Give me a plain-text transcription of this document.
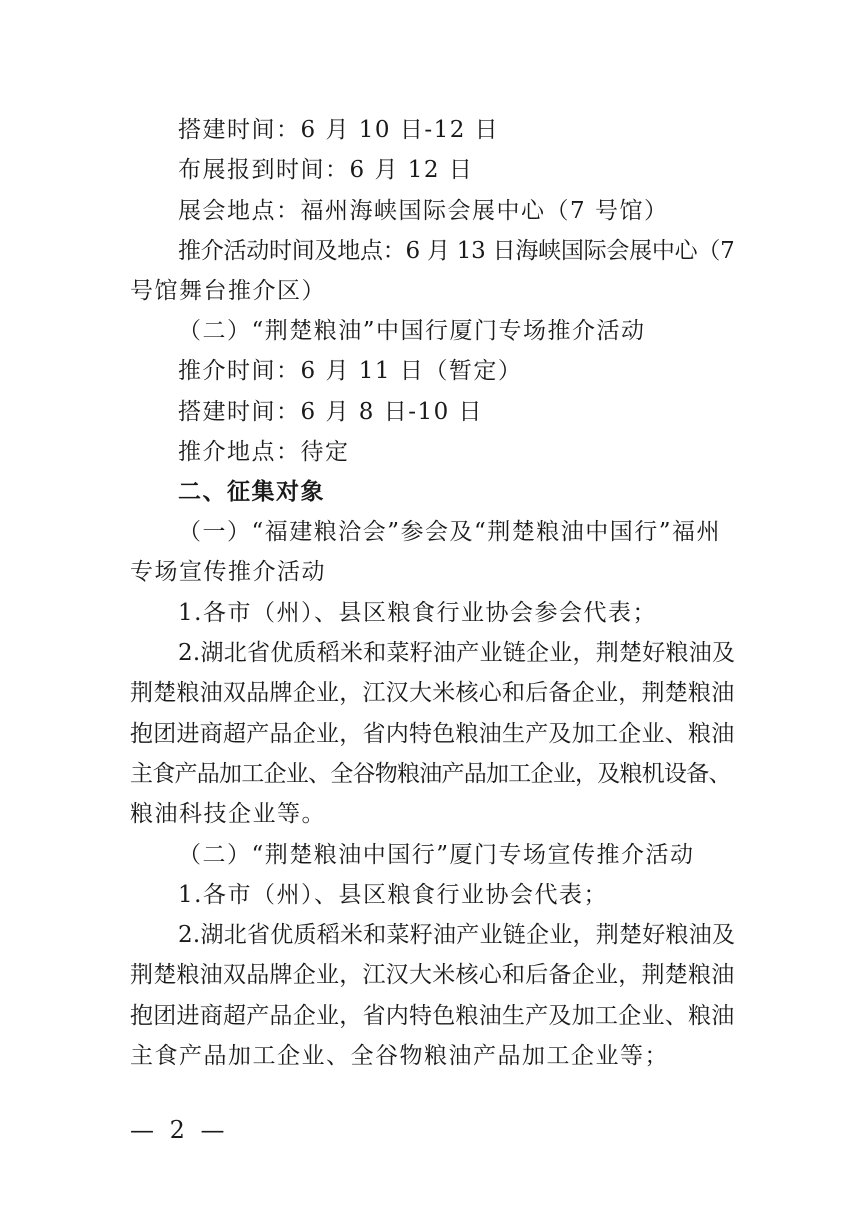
搭建时间：6 月 10 日-12 日
布展报到时间：6 月 12 日
展会地点：福州海峡国际会展中心（7 号馆）
推介活动时间及地点：6 月 13 日海峡国际会展中心（7
号馆舞台推介区）
（二）“荆楚粮油”中国行厦门专场推介活动
推介时间：6 月 11 日（暂定）
搭建时间：6 月 8 日-10 日
推介地点：待定
二、征集对象
（一）“福建粮洽会”参会及“荆楚粮油中国行”福州
专场宣传推介活动
1.各市（州）、县区粮食行业协会参会代表；
2.湖北省优质稻米和菜籽油产业链企业，荆楚好粮油及
荆楚粮油双品牌企业，江汉大米核心和后备企业，荆楚粮油
抱团进商超产品企业，省内特色粮油生产及加工企业、粮油
主食产品加工企业、全谷物粮油产品加工企业，及粮机设备、
粮油科技企业等。
（二）“荆楚粮油中国行”厦门专场宣传推介活动
1.各市（州）、县区粮食行业协会代表；
2.湖北省优质稻米和菜籽油产业链企业，荆楚好粮油及
荆楚粮油双品牌企业，江汉大米核心和后备企业，荆楚粮油
抱团进商超产品企业，省内特色粮油生产及加工企业、粮油
主食产品加工企业、全谷物粮油产品加工企业等；
— 2 —
